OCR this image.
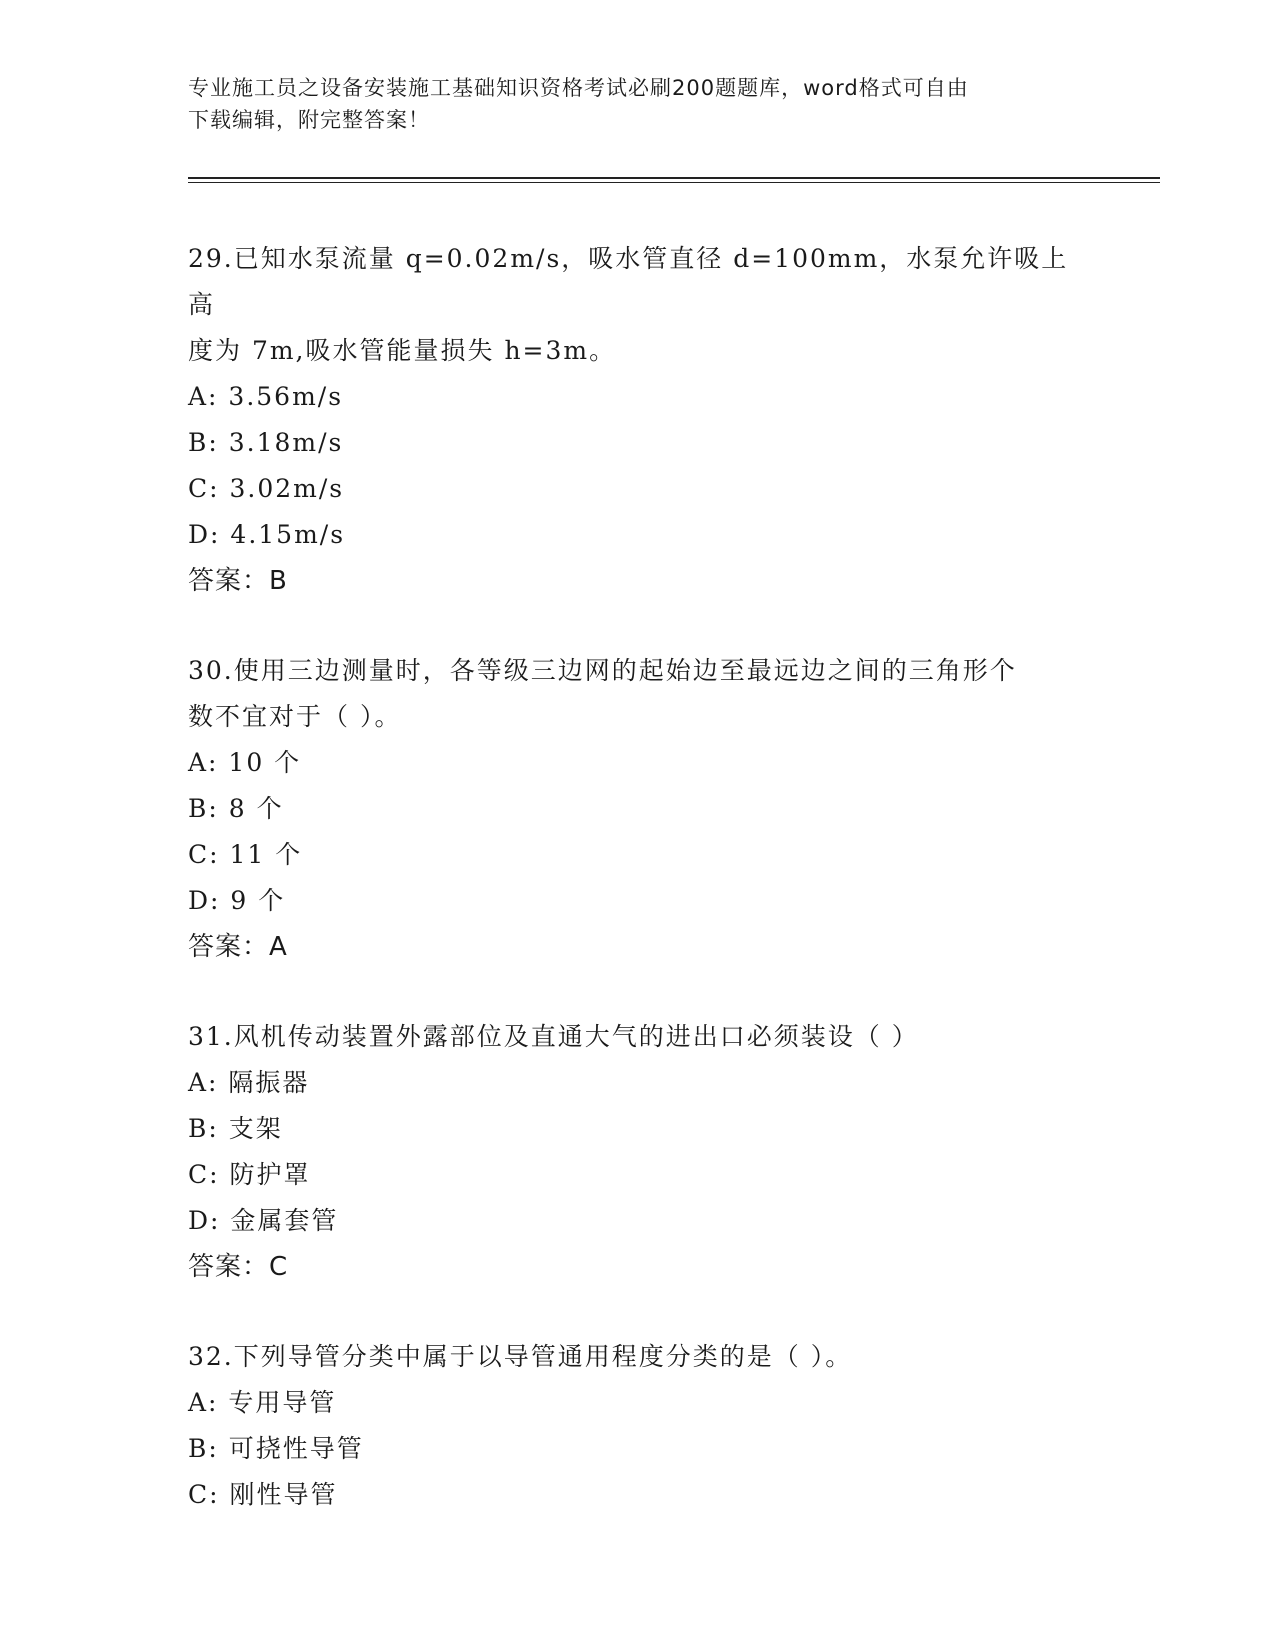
专业施工员之设备安装施工基础知识资格考试必刷200题题库，word格式可自由
下载编辑，附完整答案！

29.已知水泵流量 q=0.02m/s，吸水管直径 d=100mm，水泵允许吸上高

度为 7m,吸水管能量损失 h=3m。

A: 3.56m/s

B: 3.18m/s

C: 3.02m/s

D: 4.15m/s

答案：B

30.使用三边测量时，各等级三边网的起始边至最远边之间的三角形个

数不宜对于（ ）。

A: 10 个

B: 8 个

C: 11 个

D: 9 个

答案：A

31.风机传动装置外露部位及直通大气的进出口必须装设（ ）

A: 隔振器

B: 支架

C: 防护罩

D: 金属套管

答案：C

32.下列导管分类中属于以导管通用程度分类的是（ ）。

A: 专用导管

B: 可挠性导管

C: 刚性导管
